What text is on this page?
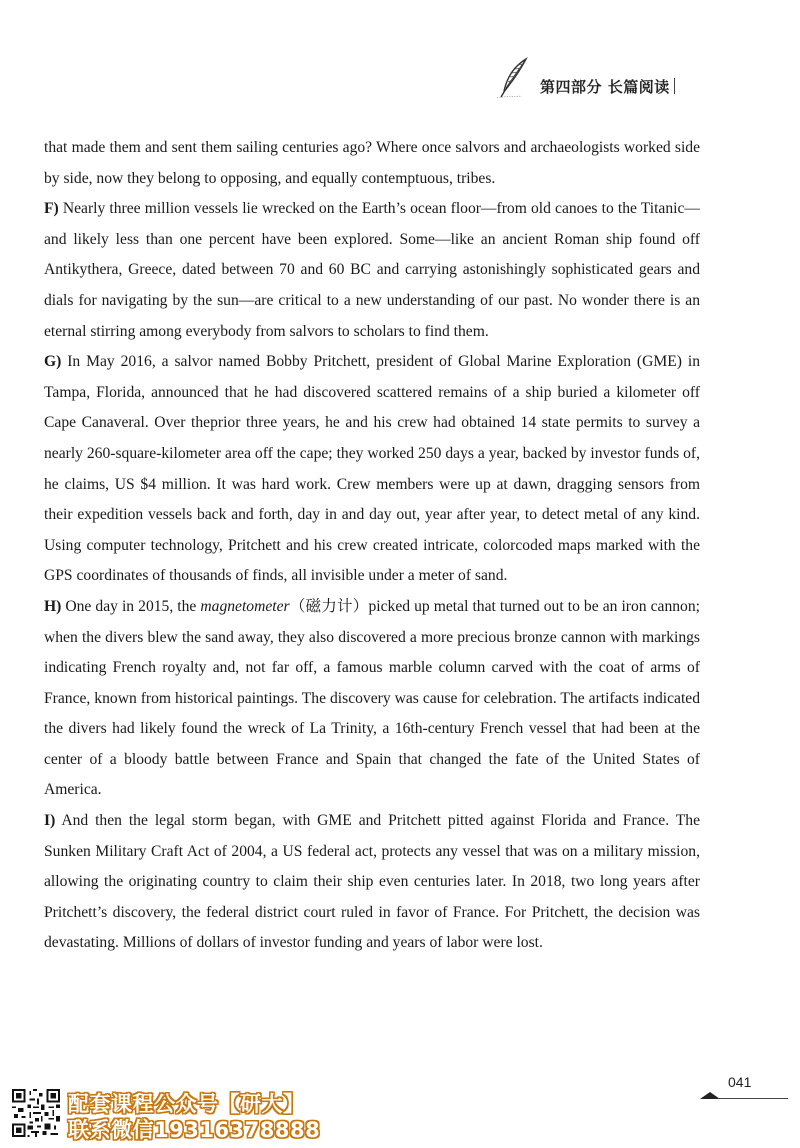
第四部分 长篇阅读

that made them and sent them sailing centuries ago? Where once salvors and archaeologists worked side by side, now they belong to opposing, and equally contemptuous, tribes.

F) Nearly three million vessels lie wrecked on the Earth’s ocean floor—from old canoes to the Titanic—and likely less than one percent have been explored. Some—like an ancient Roman ship found off Antikythera, Greece, dated between 70 and 60 BC and carrying astonishingly sophisticated gears and dials for navigating by the sun—are critical to a new understanding of our past. No wonder there is an eternal stirring among everybody from salvors to scholars to find them.

G) In May 2016, a salvor named Bobby Pritchett, president of Global Marine Exploration (GME) in Tampa, Florida, announced that he had discovered scattered remains of a ship buried a kilometer off Cape Canaveral. Over theprior three years, he and his crew had obtained 14 state permits to survey a nearly 260-square-kilometer area off the cape; they worked 250 days a year, backed by investor funds of, he claims, US $4 million. It was hard work. Crew members were up at dawn, dragging sensors from their expedition vessels back and forth, day in and day out, year after year, to detect metal of any kind. Using computer technology, Pritchett and his crew created intricate, colorcoded maps marked with the GPS coordinates of thousands of finds, all invisible under a meter of sand.

H) One day in 2015, the magnetometer（磁力计）picked up metal that turned out to be an iron cannon; when the divers blew the sand away, they also discovered a more precious bronze cannon with markings indicating French royalty and, not far off, a famous marble column carved with the coat of arms of France, known from historical paintings. The discovery was cause for celebration. The artifacts indicated the divers had likely found the wreck of La Trinity, a 16th-century French vessel that had been at the center of a bloody battle between France and Spain that changed the fate of the United States of America.

I) And then the legal storm began, with GME and Pritchett pitted against Florida and France. The Sunken Military Craft Act of 2004, a US federal act, protects any vessel that was on a military mission, allowing the originating country to claim their ship even centuries later. In 2018, two long years after Pritchett’s discovery, the federal district court ruled in favor of France. For Pritchett, the decision was devastating. Millions of dollars of investor funding and years of labor were lost.

041
配套课程公众号【研大】
联系微信19316378888
